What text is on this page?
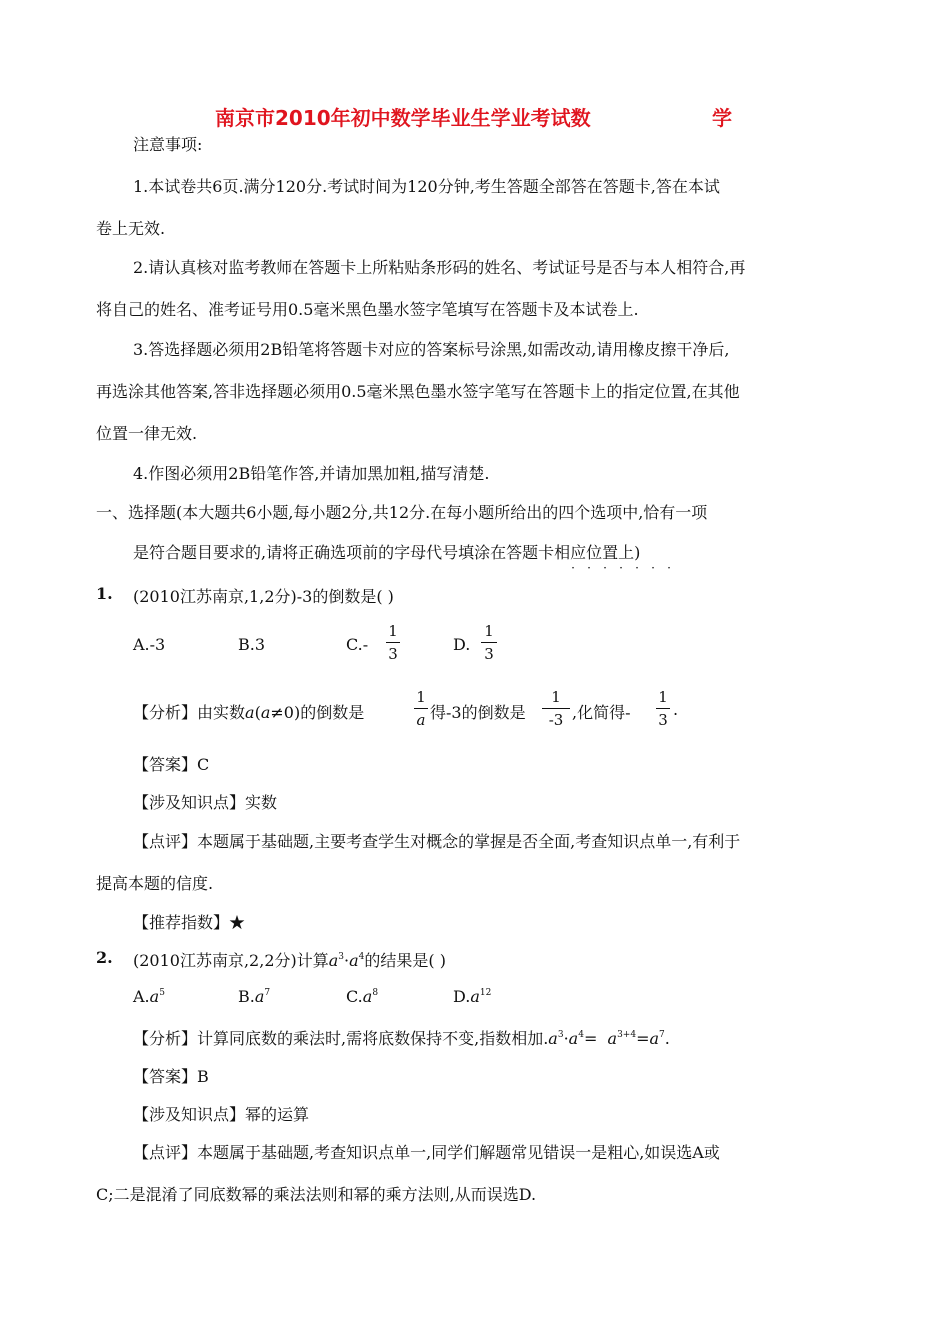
南京市2010年初中数学毕业生学业考试数	学
注意事项:
1.本试卷共6页.满分120分.考试时间为120分钟,考生答题全部答在答题卡,答在本试
卷上无效.
2.请认真核对监考教师在答题卡上所粘贴条形码的姓名、考试证号是否与本人相符合,再
将自己的姓名、准考证号用0.5毫米黑色墨水签字笔填写在答题卡及本试卷上.
3.答选择题必须用2B铅笔将答题卡对应的答案标号涂黑,如需改动,请用橡皮擦干净后,
再选涂其他答案,答非选择题必须用0.5毫米黑色墨水签字笔写在答题卡上的指定位置,在其他
位置一律无效.
4.作图必须用2B铅笔作答,并请加黑加粗,描写清楚.
一、选择题(本大题共6小题,每小题2分,共12分.在每小题所给出的四个选项中,恰有一项
是符合题目要求的,请将正确选项前的字母代号填涂在答题卡相应位置上)
· · · · · · ·
1. (2010江苏南京,1,2分)-3的倒数是( )
A.-3	B.3	C.-
1
3	D.
1
3
【分析】由实数a(a≠0)的倒数是
1
a 得-3的倒数是
1
-3 ,化简得-
1
3
.
【答案】C
【涉及知识点】实数
【点评】本题属于基础题,主要考查学生对概念的掌握是否全面,考查知识点单一,有利于
提高本题的信度.
【推荐指数】★
2. (2010江苏南京,2,2分)计算$a^3\cdot a^4$的结果是( )
$A.a^5$	$B.a^7$	$C.a^8$	$D.a^{12}$
【分析】计算同底数的乘法时,需将底数保持不变,指数相加$.a^3\cdot a^4= a^{3+4}=a^7$.
【答案】B
【涉及知识点】幂的运算
【点评】本题属于基础题,考查知识点单一,同学们解题常见错误一是粗心,如误选A或
C;二是混淆了同底数幂的乘法法则和幂的乘方法则,从而误选D.
